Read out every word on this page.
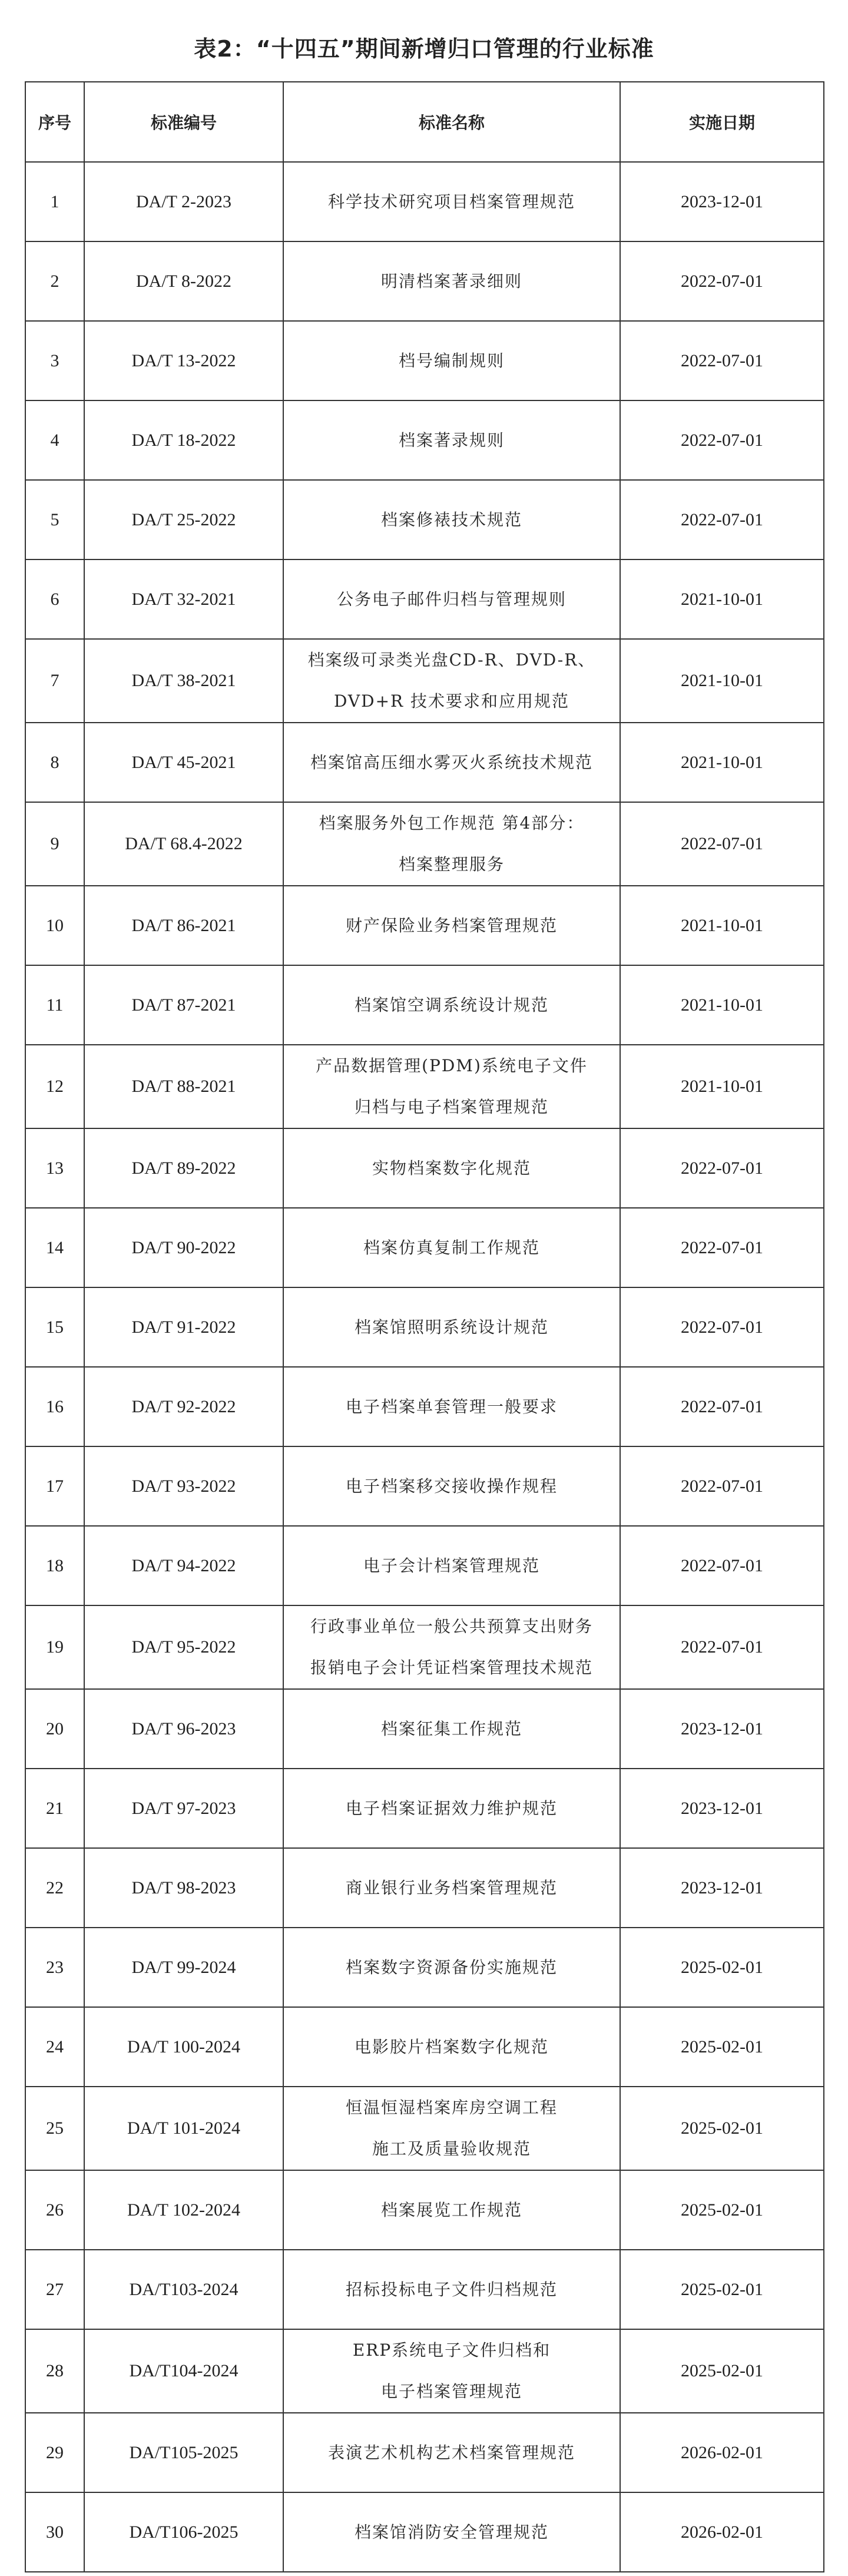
表2：“十四五”期间新增归口管理的行业标准
序号	标准编号	标准名称	实施日期
1	DA/T 2-2023	科学技术研究项目档案管理规范	2023-12-01
2	DA/T 8-2022	明清档案著录细则	2022-07-01
3	DA/T 13-2022	档号编制规则	2022-07-01
4	DA/T 18-2022	档案著录规则	2022-07-01
5	DA/T 25-2022	档案修裱技术规范	2022-07-01
6	DA/T 32-2021	公务电子邮件归档与管理规则	2021-10-01
7	DA/T 38-2021	档案级可录类光盘CD-R、DVD-R、
DVD+R 技术要求和应用规范	2021-10-01
8	DA/T 45-2021	档案馆高压细水雾灭火系统技术规范	2021-10-01
9	DA/T 68.4-2022	档案服务外包工作规范 第4部分：
档案整理服务	2022-07-01
10	DA/T 86-2021	财产保险业务档案管理规范	2021-10-01
11	DA/T 87-2021	档案馆空调系统设计规范	2021-10-01
12	DA/T 88-2021	产品数据管理(PDM)系统电子文件
归档与电子档案管理规范	2021-10-01
13	DA/T 89-2022	实物档案数字化规范	2022-07-01
14	DA/T 90-2022	档案仿真复制工作规范	2022-07-01
15	DA/T 91-2022	档案馆照明系统设计规范	2022-07-01
16	DA/T 92-2022	电子档案单套管理一般要求	2022-07-01
17	DA/T 93-2022	电子档案移交接收操作规程	2022-07-01
18	DA/T 94-2022	电子会计档案管理规范	2022-07-01
19	DA/T 95-2022	行政事业单位一般公共预算支出财务
报销电子会计凭证档案管理技术规范	2022-07-01
20	DA/T 96-2023	档案征集工作规范	2023-12-01
21	DA/T 97-2023	电子档案证据效力维护规范	2023-12-01
22	DA/T 98-2023	商业银行业务档案管理规范	2023-12-01
23	DA/T 99-2024	档案数字资源备份实施规范	2025-02-01
24	DA/T 100-2024	电影胶片档案数字化规范	2025-02-01
25	DA/T 101-2024	恒温恒湿档案库房空调工程
施工及质量验收规范	2025-02-01
26	DA/T 102-2024	档案展览工作规范	2025-02-01
27	DA/T103-2024	招标投标电子文件归档规范	2025-02-01
28	DA/T104-2024	ERP系统电子文件归档和
电子档案管理规范	2025-02-01
29	DA/T105-2025	表演艺术机构艺术档案管理规范	2026-02-01
30	DA/T106-2025	档案馆消防安全管理规范	2026-02-01
